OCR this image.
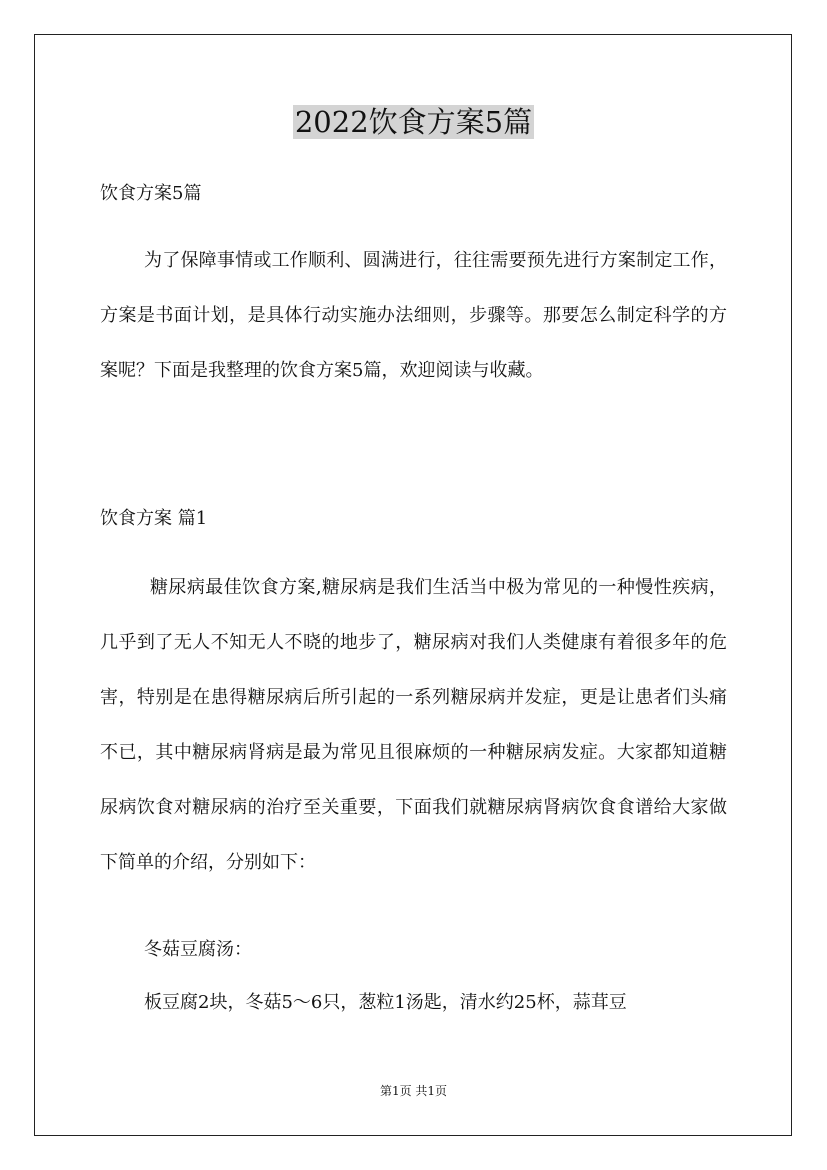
2022饮食方案5篇

饮食方案5篇

为了保障事情或工作顺利、圆满进行，往往需要预先进行方案制定工作，方案是书面计划，是具体行动实施办法细则，步骤等。那要怎么制定科学的方案呢？下面是我整理的饮食方案5篇，欢迎阅读与收藏。

饮食方案 篇1

糖尿病最佳饮食方案,糖尿病是我们生活当中极为常见的一种慢性疾病，几乎到了无人不知无人不晓的地步了，糖尿病对我们人类健康有着很多年的危害，特别是在患得糖尿病后所引起的一系列糖尿病并发症，更是让患者们头痛不已，其中糖尿病肾病是最为常见且很麻烦的一种糖尿病发症。大家都知道糖尿病饮食对糖尿病的治疗至关重要，下面我们就糖尿病肾病饮食食谱给大家做下简单的介绍，分别如下：

冬菇豆腐汤：

板豆腐2块，冬菇5～6只，葱粒1汤匙，清水约25杯，蒜茸豆

第1页 共1页
